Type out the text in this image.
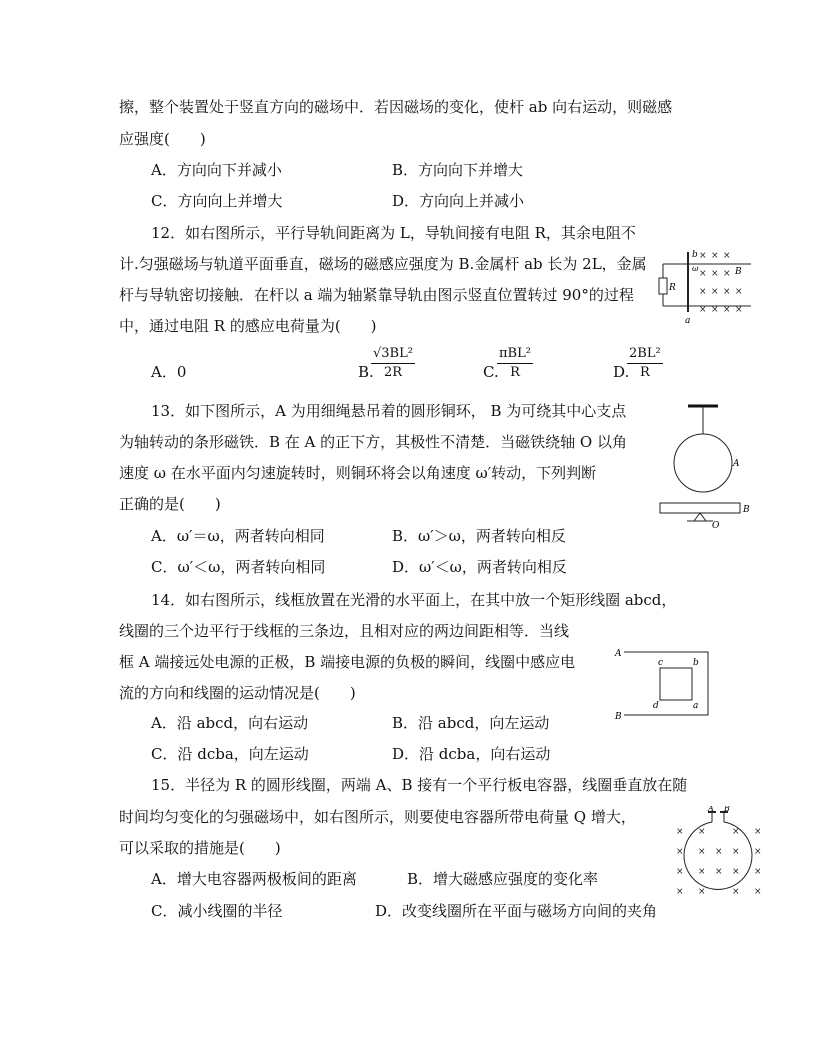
擦，整个装置处于竖直方向的磁场中．若因磁场的变化，使杆 ab 向右运动，则磁感
应强度(　　)
A．方向向下并减小	B．方向向下并增大
C．方向向上并增大	D．方向向上并减小
12．如右图所示，平行导轨间距离为 L，导轨间接有电阻 R，其余电阻不
计.匀强磁场与轨道平面垂直，磁场的磁感应强度为 B.金属杆 ab 长为 2L，金属
杆与导轨密切接触．在杆以 a 端为轴紧靠导轨由图示竖直位置转过 90°的过程
中，通过电阻 R 的感应电荷量为(　　)
A．0	B.
$\frac{\text{√3BL²}}{2R}$	C.
πBL²
R	D.
$\frac{\text{2BL²}}{R}$
R
b
a
ω	B
× × ×
× × ×
× × × ×
× × × ×
13．如下图所示，A 为用细绳悬吊着的圆形铜环， B 为可绕其中心支点
为轴转动的条形磁铁．B 在 A 的正下方，其极性不清楚．当磁铁绕轴 O 以角
速度 ω 在水平面内匀速旋转时，则铜环将会以角速度 ω′转动，下列判断
正确的是(　　)
A．ω′＝ω，两者转向相同	B．ω′＞ω，两者转向相反
C．ω′＜ω，两者转向相同	D．ω′＜ω，两者转向相反
A
B
O
14．如右图所示，线框放置在光滑的水平面上，在其中放一个矩形线圈 abcd，
线圈的三个边平行于线框的三条边，且相对应的两边间距相等．当线
框 A 端接远处电源的正极，B 端接电源的负极的瞬间，线圈中感应电
流的方向和线圈的运动情况是(　　)
A．沿 abcd，向右运动	B．沿 abcd，向左运动
C．沿 dcba，向左运动	D．沿 dcba，向右运动
A
B
c	b
d	a
15．半径为 R 的圆形线圈，两端 A、B 接有一个平行板电容器，线圈垂直放在随
时间均匀变化的匀强磁场中，如右图所示，则要使电容器所带电荷量 Q 增大，
可以采取的措施是(　　)
A．增大电容器两极板间的距离	B．增大磁感应强度的变化率
C．减小线圈的半径	D．改变线圈所在平面与磁场方向间的夹角
A B
× ×	× ×
× × × × ×
× × × × ×
× ×	× ×
